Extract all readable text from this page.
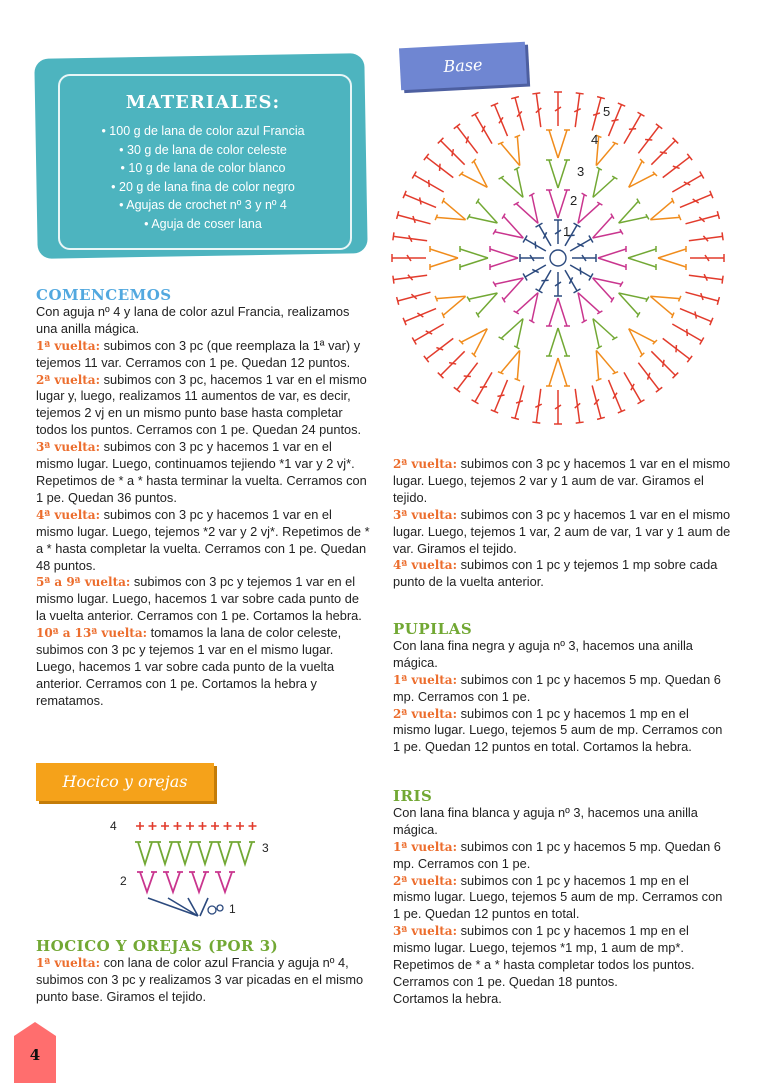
MATERIALES:
• 100 g de lana de color azul Francia
• 30 g de lana de color celeste
• 10 g de lana de color blanco
• 20 g de lana fina de color negro
• Agujas de crochet nº 3 y nº 4
• Aguja de coser lana
Base
Hocico y orejas
1
2
3
4
5
4
3
2
1

COMENCEMOS

Con aguja nº 4 y lana de color azul Francia, realizamos una anilla mágica.

1ª vuelta: subimos con 3 pc (que reemplaza la 1ª var) y tejemos 11 var. Cerramos con 1 pe. Quedan 12 puntos.

2ª vuelta: subimos con 3 pc, hacemos 1 var en el mismo lugar y, luego, realizamos 11 aumentos de var, es decir, tejemos 2 vj en un mismo punto base hasta completar todos los puntos. Cerramos con 1 pe. Quedan 24 puntos.

3ª vuelta: subimos con 3 pc y hacemos 1 var en el mismo lugar. Luego, continuamos tejiendo *1 var y 2 vj*. Repetimos de * a * hasta terminar la vuelta. Cerramos con 1 pe. Quedan 36 puntos.

4ª vuelta: subimos con 3 pc y hacemos 1 var en el mismo lugar. Luego, tejemos *2 var y 2 vj*. Repetimos de * a * hasta completar la vuelta. Cerramos con 1 pe. Quedan 48 puntos.

5ª a 9ª vuelta: subimos con 3 pc y tejemos 1 var en el mismo lugar. Luego, hacemos 1 var sobre cada punto de la vuelta anterior. Cerramos con 1 pe. Cortamos la hebra.

10ª a 13ª vuelta: tomamos la lana de color celeste, subimos con 3 pc y tejemos 1 var en el mismo lugar. Luego, hacemos 1 var sobre cada punto de la vuelta anterior. Cerramos con 1 pe. Cortamos la hebra y rematamos.

HOCICO Y OREJAS (POR 3)

1ª vuelta: con lana de color azul Francia y aguja nº 4, subimos con 3 pc y realizamos 3 var picadas en el mismo punto base. Giramos el tejido.

2ª vuelta: subimos con 3 pc y hacemos 1 var en el mismo lugar. Luego, tejemos 2 var y 1 aum de var. Giramos el tejido.

3ª vuelta: subimos con 3 pc y hacemos 1 var en el mismo lugar. Luego, tejemos 1 var, 2 aum de var, 1 var y 1 aum de var. Giramos el tejido.

4ª vuelta: subimos con 1 pc y tejemos 1 mp sobre cada punto de la vuelta anterior.

PUPILAS

Con lana fina negra y aguja nº 3, hacemos una anilla mágica.

1ª vuelta: subimos con 1 pc y hacemos 5 mp. Quedan 6 mp. Cerramos con 1 pe.

2ª vuelta: subimos con 1 pc y hacemos 1 mp en el mismo lugar. Luego, tejemos 5 aum de mp. Cerramos con 1 pe. Quedan 12 puntos en total. Cortamos la hebra.

IRIS

Con lana fina blanca y aguja nº 3, hacemos una anilla mágica.

1ª vuelta: subimos con 1 pc y hacemos 5 mp. Quedan 6 mp. Cerramos con 1 pe.

2ª vuelta: subimos con 1 pc y hacemos 1 mp en el mismo lugar. Luego, tejemos 5 aum de mp. Cerramos con 1 pe. Quedan 12 puntos en total.

3ª vuelta: subimos con 1 pc y hacemos 1 mp en el mismo lugar. Luego, tejemos *1 mp, 1 aum de mp*. Repetimos de * a * hasta completar todos los puntos. Cerramos con 1 pe. Quedan 18 puntos.

Cortamos la hebra.

4
